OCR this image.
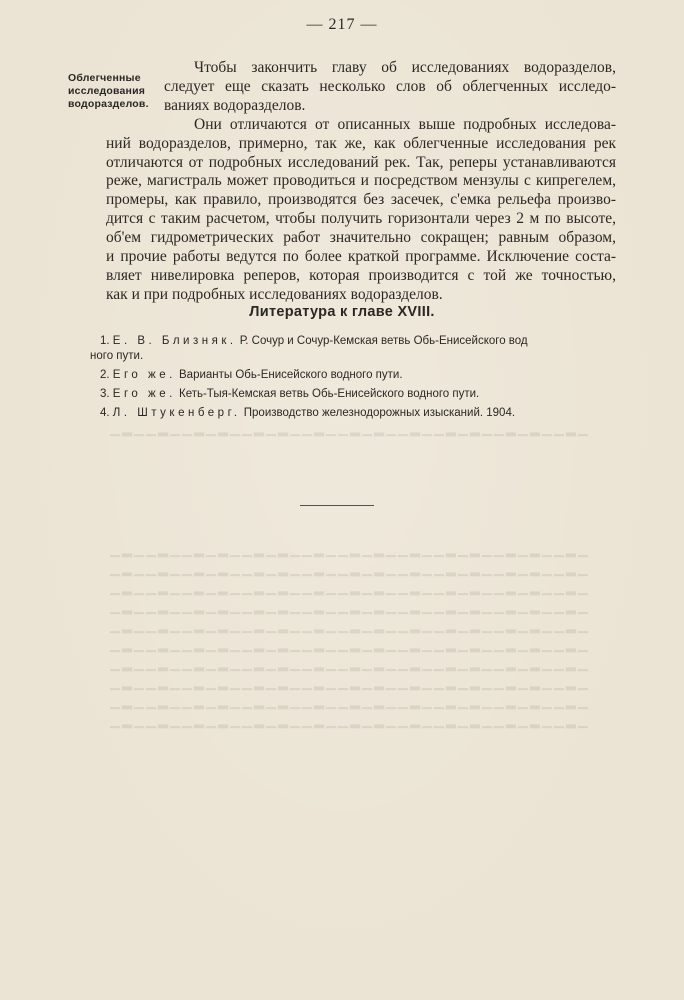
— 217 —
Облегченные
исследования
водоразделов.

Чтобы закончить главу об исследованиях водоразделов,
следует еще сказать несколько слов об облегченных исследо-
ваниях водоразделов.

Они отличаются от описанных выше подробных исследова-
ний водоразделов, примерно, так же, как облегченные исследования рек
отличаются от подробных исследований рек. Так, реперы устанавливаются
реже, магистраль может проводиться и посредством мензулы с кипрегелем,
промеры, как правило, производятся без засечек, с'емка рельефа произво-
дится с таким расчетом, чтобы получить горизонтали через 2 м по высоте,
об'ем гидрометрических работ значительно сокращен; равным образом,
и прочие работы ведутся по более краткой программе. Исключение соста-
вляет нивелировка реперов, которая производится с той же точностью,
как и при подробных исследованиях водоразделов.

Литература к главе XVIII.
1. Е. В. Близняк. Р. Сочур и Сочур-Кемская ветвь Обь-Енисейского вод
ного пути.
2. Его же. Варианты Обь-Енисейского водного пути.
3. Его же. Кеть-Тыя-Кемская ветвь Обь-Енисейского водного пути.
4. Л. Штукенберг. Производство железнодорожных изысканий. 1904.
▁▂▁▁▂▁▁▂▁▂▁▁▂▁▂▁▁▂▁▁▂▁▂▁▁▂▁▁▂▁▂▁▁▂▁▂▁▁▂▁
▁▂▁▁▂▁▁▂▁▂▁▁▂▁▂▁▁▂▁▁▂▁▂▁▁▂▁▁▂▁▂▁▁▂▁▂▁▁▂▁ ▁▂▁▁▂▁▁▂▁▂▁▁▂▁▂▁▁▂▁▁▂▁▂▁▁▂▁▁▂▁▂▁▁▂▁▂▁▁▂▁ ▁▂▁▁▂▁▁▂▁▂▁▁▂▁▂▁▁▂▁▁▂▁▂▁▁▂▁▁▂▁▂▁▁▂▁▂▁▁▂▁ ▁▂▁▁▂▁▁▂▁▂▁▁▂▁▂▁▁▂▁▁▂▁▂▁▁▂▁▁▂▁▂▁▁▂▁▂▁▁▂▁ ▁▂▁▁▂▁▁▂▁▂▁▁▂▁▂▁▁▂▁▁▂▁▂▁▁▂▁▁▂▁▂▁▁▂▁▂▁▁▂▁ ▁▂▁▁▂▁▁▂▁▂▁▁▂▁▂▁▁▂▁▁▂▁▂▁▁▂▁▁▂▁▂▁▁▂▁▂▁▁▂▁ ▁▂▁▁▂▁▁▂▁▂▁▁▂▁▂▁▁▂▁▁▂▁▂▁▁▂▁▁▂▁▂▁▁▂▁▂▁▁▂▁ ▁▂▁▁▂▁▁▂▁▂▁▁▂▁▂▁▁▂▁▁▂▁▂▁▁▂▁▁▂▁▂▁▁▂▁▂▁▁▂▁ ▁▂▁▁▂▁▁▂▁▂▁▁▂▁▂▁▁▂▁▁▂▁▂▁▁▂▁▁▂▁▂▁▁▂▁▂▁▁▂▁ ▁▂▁▁▂▁▁▂▁▂▁▁▂▁▂▁▁▂▁▁▂▁▂▁▁▂▁▁▂▁▂▁▁▂▁▂▁▁▂▁
